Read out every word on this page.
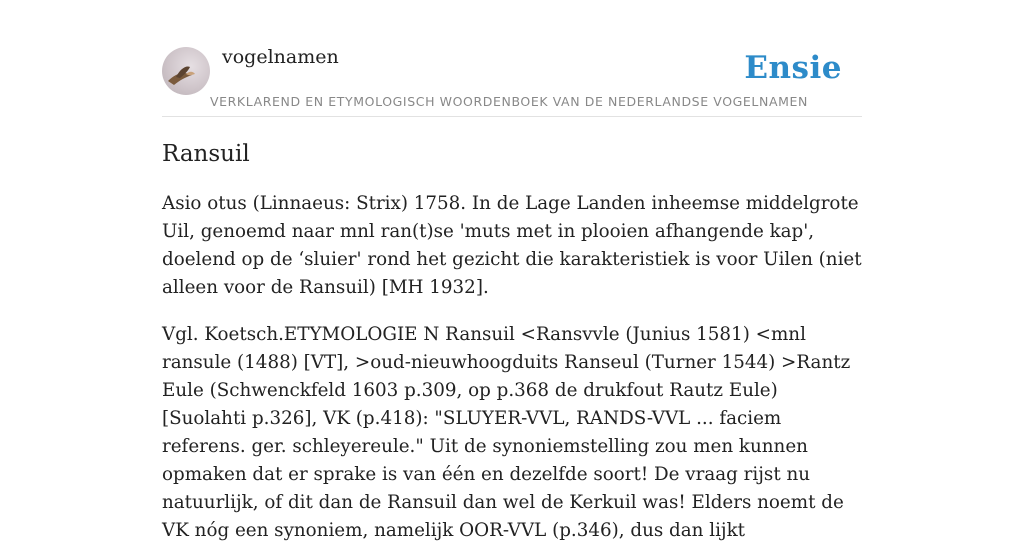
vogelnamen	Ensie
VERKLAREND EN ETYMOLOGISCH WOORDENBOEK VAN DE NEDERLANDSE VOGELNAMEN
Ransuil

Asio otus (Linnaeus: Strix) 1758. In de Lage Landen inheemse middelgrote Uil, genoemd naar mnl ran(t)se 'muts met in plooien afhangende kap', doelend op de ‘sluier' rond het gezicht die karakteristiek is voor Uilen (niet alleen voor de Ransuil) [MH 1932].

Vgl. Koetsch.ETYMOLOGIE N Ransuil <Ransvvle (Junius 1581) <mnl ransule (1488) [VT], >oud-nieuwhoogduits Ranseul (Turner 1544) >Rantz Eule (Schwenckfeld 1603 p.309, op p.368 de drukfout Rautz Eule) [Suolahti p.326], VK (p.418): "SLUYER-VVL, RANDS-VVL ... faciem referens. ger. schleyereule." Uit de synoniemstelling zou men kunnen opmaken dat er sprake is van één en dezelfde soort! De vraag rijst nu natuurlijk, of dit dan de Ransuil dan wel de Kerkuil was! Elders noemt de VK nóg een synoniem, namelijk OOR-VVL (p.346), dus dan lijkt
